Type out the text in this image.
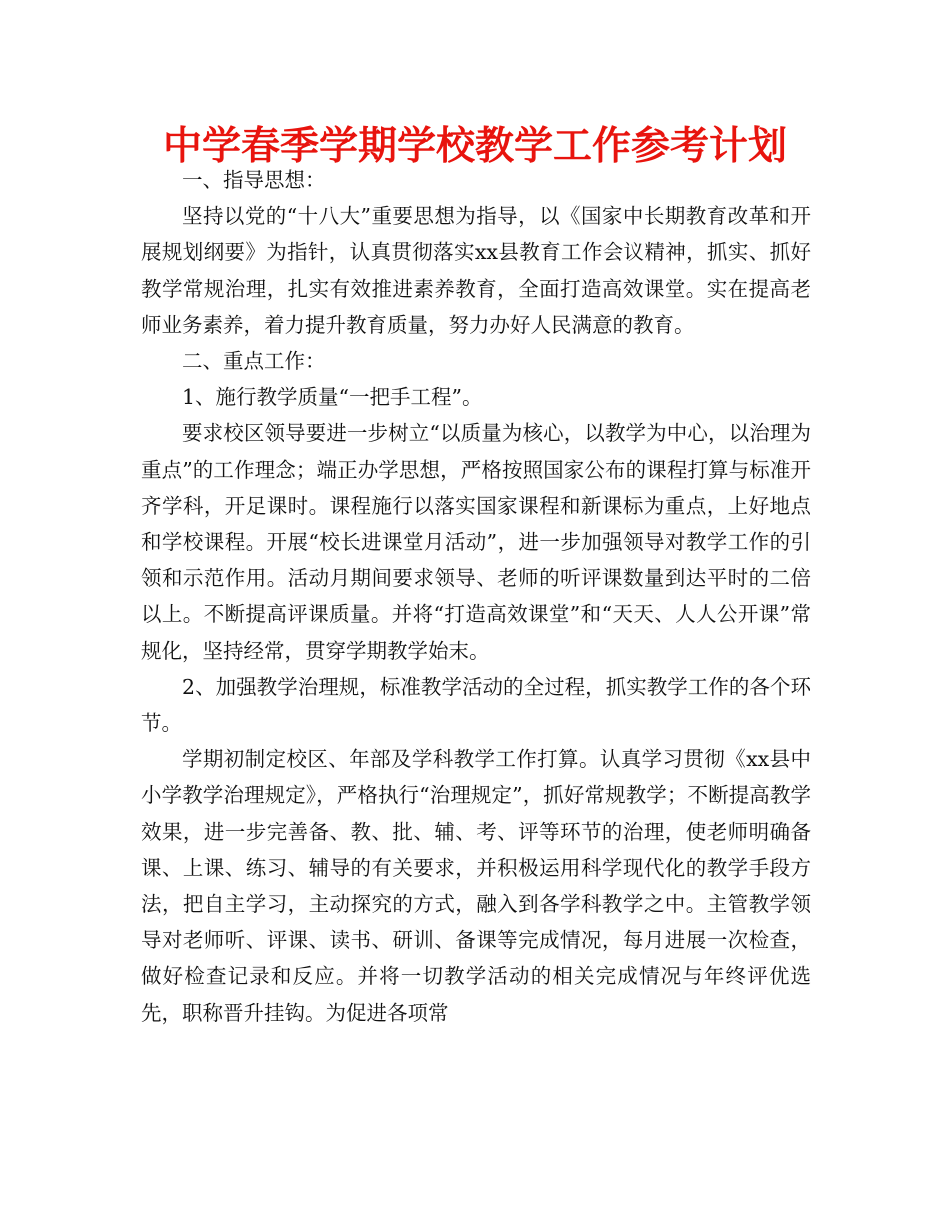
中学春季学期学校教学工作参考计划

一、指导思想：

坚持以党的“十八大”重要思想为指导，以《国家中长期教育改革和开展规划纲要》为指针，认真贯彻落实xx县教育工作会议精神，抓实、抓好教学常规治理，扎实有效推进素养教育，全面打造高效课堂。实在提高老师业务素养，着力提升教育质量，努力办好人民满意的教育。

二、重点工作：

1、施行教学质量“一把手工程”。

要求校区领导要进一步树立“以质量为核心，以教学为中心，以治理为重点”的工作理念；端正办学思想，严格按照国家公布的课程打算与标准开齐学科，开足课时。课程施行以落实国家课程和新课标为重点，上好地点和学校课程。开展“校长进课堂月活动”，进一步加强领导对教学工作的引领和示范作用。活动月期间要求领导、老师的听评课数量到达平时的二倍以上。不断提高评课质量。并将“打造高效课堂”和“天天、人人公开课”常规化，坚持经常，贯穿学期教学始末。

2、加强教学治理规，标准教学活动的全过程，抓实教学工作的各个环节。

学期初制定校区、年部及学科教学工作打算。认真学习贯彻《xx县中小学教学治理规定》，严格执行“治理规定”，抓好常规教学；不断提高教学效果，进一步完善备、教、批、辅、考、评等环节的治理，使老师明确备课、上课、练习、辅导的有关要求，并积极运用科学现代化的教学手段方法，把自主学习，主动探究的方式，融入到各学科教学之中。主管教学领导对老师听、评课、读书、研训、备课等完成情况，每月进展一次检查，做好检查记录和反应。并将一切教学活动的相关完成情况与年终评优选先，职称晋升挂钩。为促进各项常
